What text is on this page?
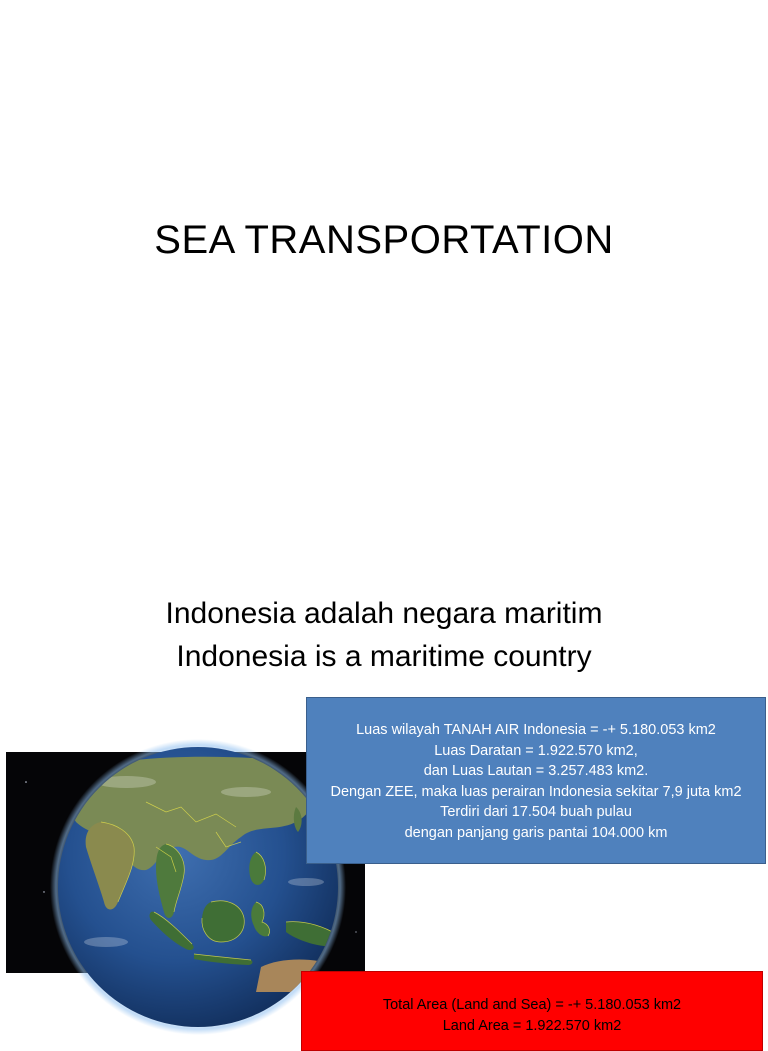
SEA TRANSPORTATION
Indonesia adalah negara maritim
Indonesia is a maritime country
Luas wilayah TANAH AIR Indonesia = -+ 5.180.053 km2
Luas Daratan = 1.922.570 km2,
dan Luas Lautan = 3.257.483 km2.
Dengan ZEE, maka luas perairan Indonesia sekitar 7,9 juta km2
Terdiri dari 17.504 buah pulau
dengan panjang garis pantai 104.000 km
Total Area (Land and Sea) = -+ 5.180.053 km2
Land Area = 1.922.570 km2
